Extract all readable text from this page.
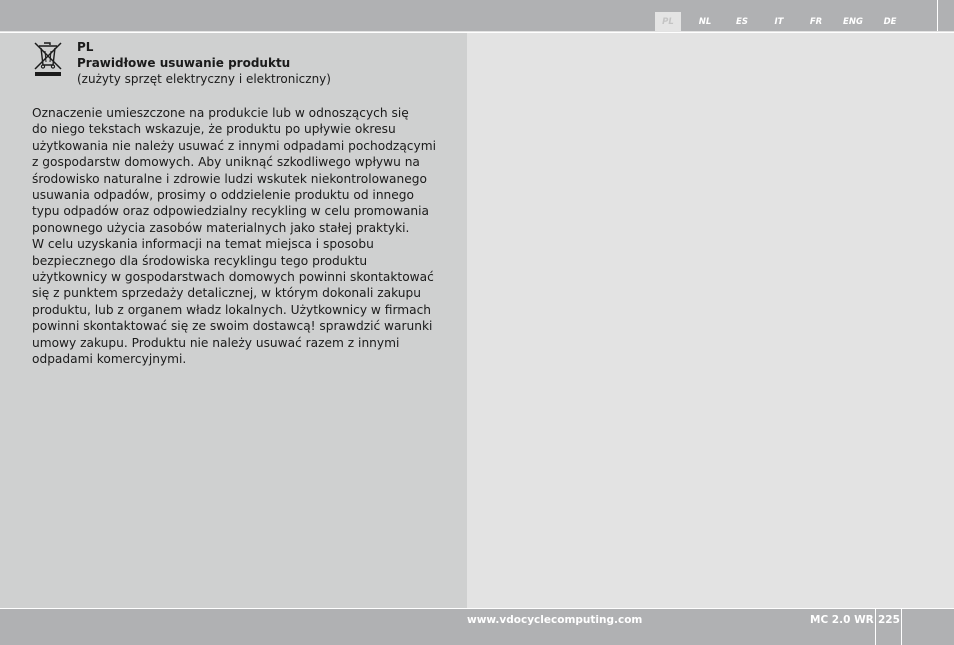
PL	NL	ES	IT	FR	ENG	DE
PL
Prawidłowe usuwanie produktu
(zużyty sprzęt elektryczny i elektroniczny)
Oznaczenie umieszczone na produkcie lub w odnoszących się
do niego tekstach wskazuje, że produktu po upływie okresu
użytkowania nie należy usuwać z innymi odpadami pochodzącymi
z gospodarstw domowych. Aby uniknąć szkodliwego wpływu na
środowisko naturalne i zdrowie ludzi wskutek niekontrolowanego
usuwania odpadów, prosimy o oddzielenie produktu od innego
typu odpadów oraz odpowiedzialny recykling w celu promowania
ponownego użycia zasobów materialnych jako stałej praktyki.
W celu uzyskania informacji na temat miejsca i sposobu
bezpiecznego dla środowiska recyklingu tego produktu
użytkownicy w gospodarstwach domowych powinni skontaktować
się z punktem sprzedaży detalicznej, w którym dokonali zakupu
produktu, lub z organem władz lokalnych. Użytkownicy w firmach
powinni skontaktować się ze swoim dostawcą! sprawdzić warunki
umowy zakupu. Produktu nie należy usuwać razem z innymi
odpadami komercyjnymi.
www.vdocyclecomputing.com	MC 2.0 WR 225
